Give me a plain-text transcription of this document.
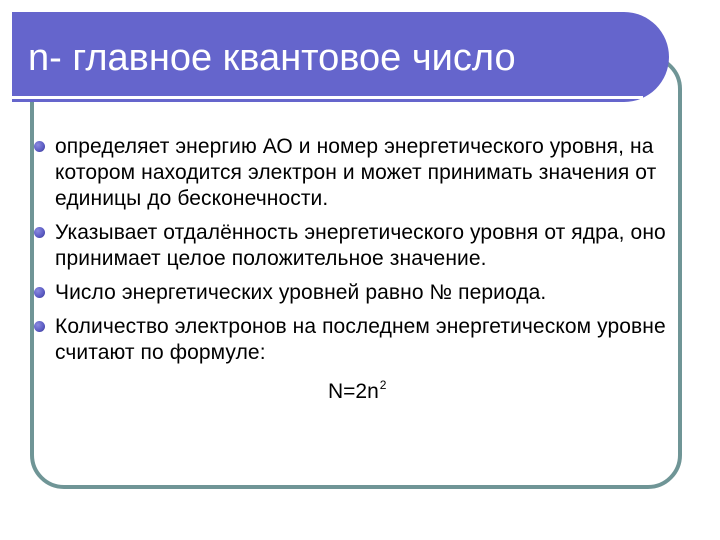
n- главное квантовое число
определяет энергию АО и номер энергетического уровня, на котором находится электрон и может принимать значения от единицы до бесконечности.
Указывает отдалённость энергетического уровня от ядра, оно принимает целое положительное значение.
Число энергетических уровней равно № периода.
Количество электронов на последнем энергетическом уровне считают по формуле:
$N=2n^2$
